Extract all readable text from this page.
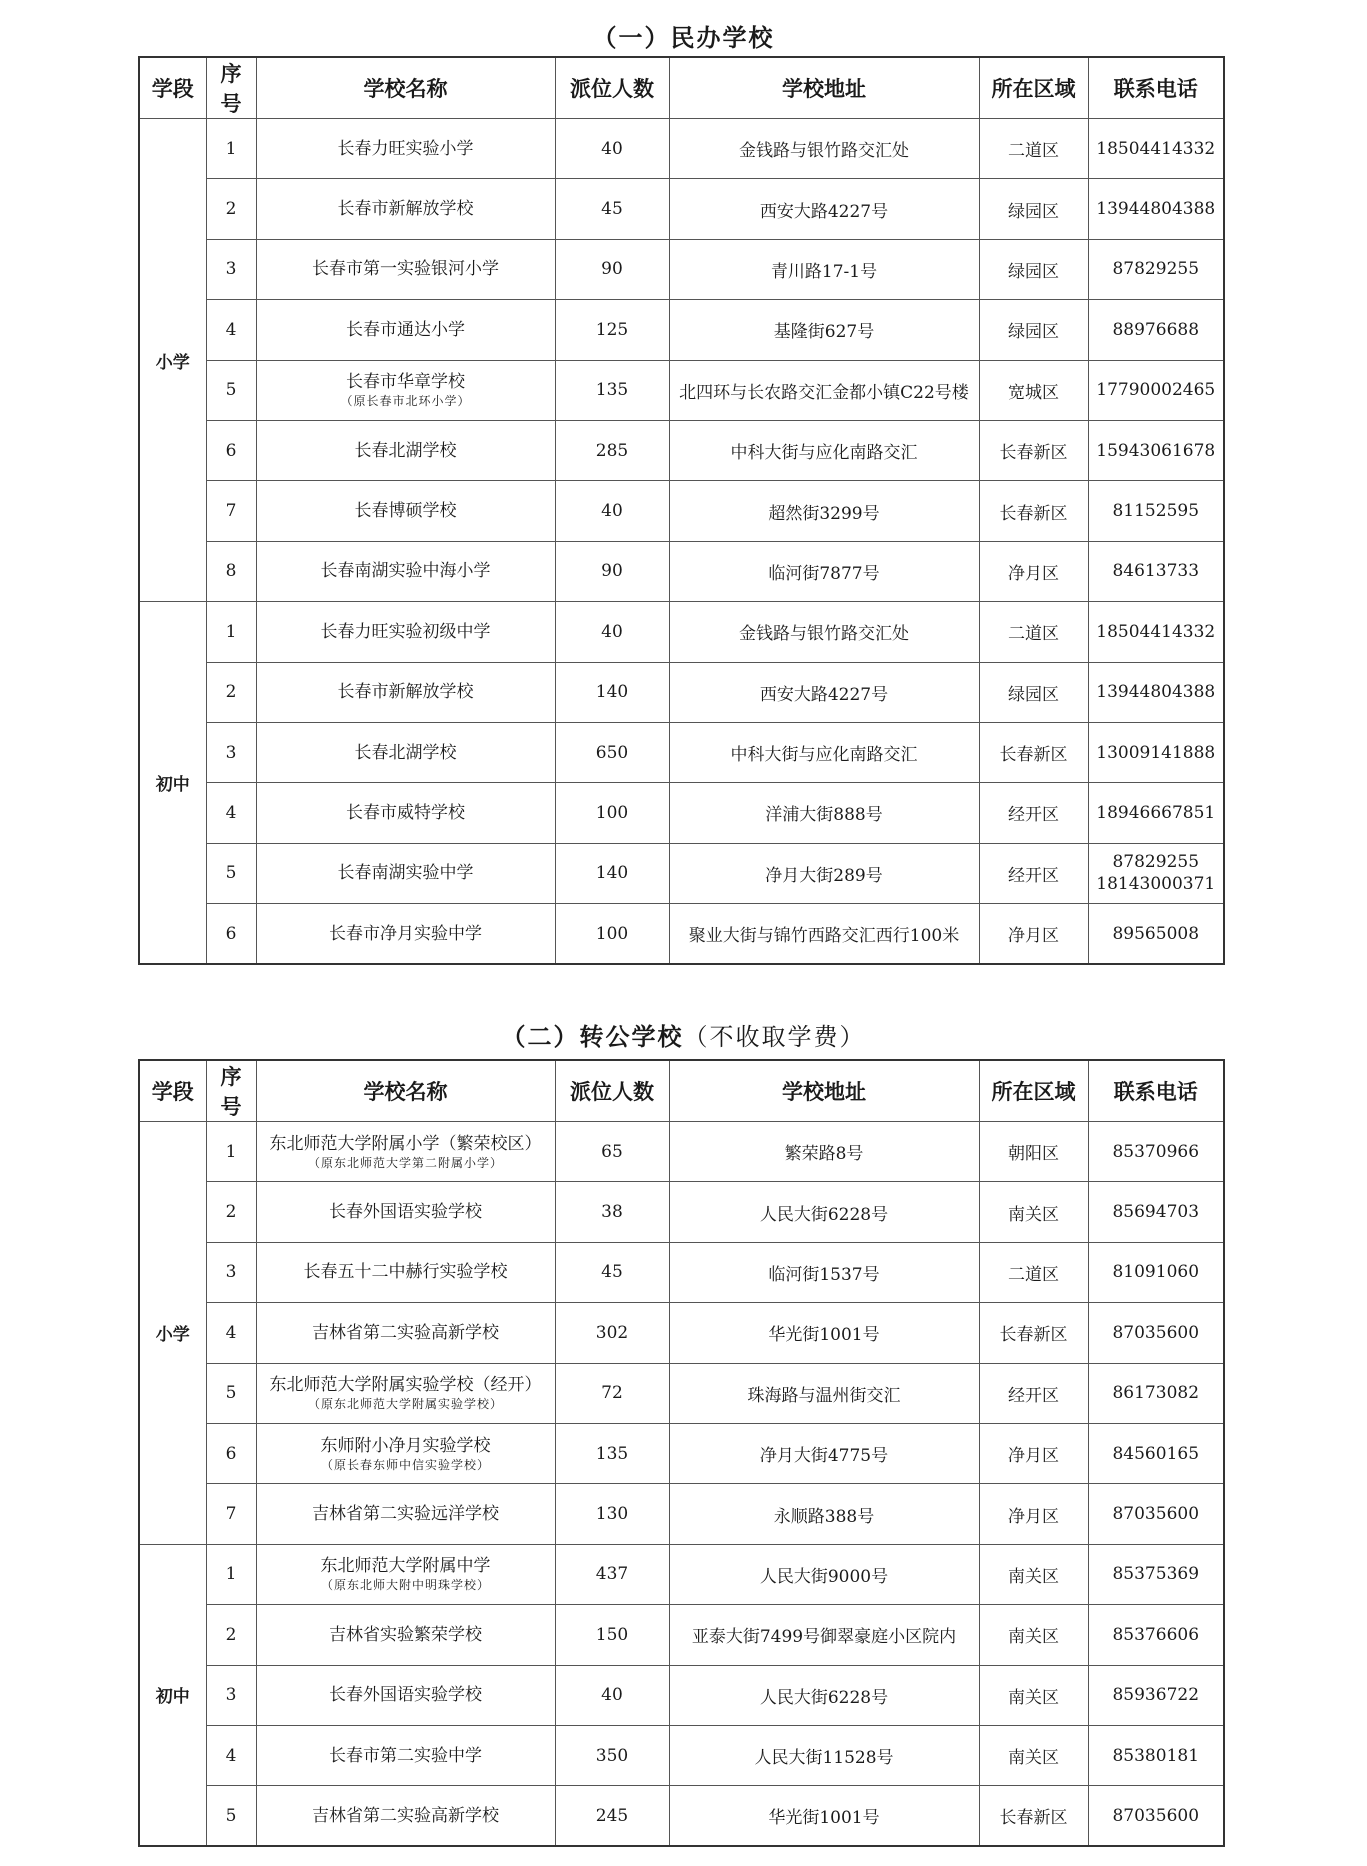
（一）民办学校
学段	序号	学校名称	派位人数	学校地址	所在区域	联系电话
小学	1	长春力旺实验小学	40	金钱路与银竹路交汇处	二道区	18504414332

	2	长春市新解放学校	45	西安大路4227号	绿园区	13944804388

	3	长春市第一实验银河小学	90	青川路17-1号	绿园区	87829255

	4	长春市通达小学	125	基隆街627号	绿园区	88976688

	5	长春市华章学校
（原长春市北环小学）	135	北四环与长农路交汇金都小镇C22号楼	宽城区	17790002465

	6	长春北湖学校	285	中科大街与应化南路交汇	长春新区	15943061678

	7	长春博硕学校	40	超然街3299号	长春新区	81152595

	8	长春南湖实验中海小学	90	临河街7877号	净月区	84613733

初中	1	长春力旺实验初级中学	40	金钱路与银竹路交汇处	二道区	18504414332

	2	长春市新解放学校	140	西安大路4227号	绿园区	13944804388

	3	长春北湖学校	650	中科大街与应化南路交汇	长春新区	13009141888

	4	长春市威特学校	100	洋浦大街888号	经开区	18946667851

	5	长春南湖实验中学	140	净月大街289号	经开区	87829255
18143000371

	6	长春市净月实验中学	100	聚业大街与锦竹西路交汇西行100米	净月区	89565008
（二）转公学校（不收取学费）
学段	序号	学校名称	派位人数	学校地址	所在区域	联系电话
小学	1	东北师范大学附属小学（繁荣校区）
（原东北师范大学第二附属小学）	65	繁荣路8号	朝阳区	85370966

	2	长春外国语实验学校	38	人民大街6228号	南关区	85694703

	3	长春五十二中赫行实验学校	45	临河街1537号	二道区	81091060

	4	吉林省第二实验高新学校	302	华光街1001号	长春新区	87035600

	5	东北师范大学附属实验学校（经开）
（原东北师范大学附属实验学校）	72	珠海路与温州街交汇	经开区	86173082

	6	东师附小净月实验学校
（原长春东师中信实验学校）	135	净月大街4775号	净月区	84560165

	7	吉林省第二实验远洋学校	130	永顺路388号	净月区	87035600

初中	1	东北师范大学附属中学
（原东北师大附中明珠学校）	437	人民大街9000号	南关区	85375369

	2	吉林省实验繁荣学校	150	亚泰大街7499号御翠豪庭小区院内	南关区	85376606

	3	长春外国语实验学校	40	人民大街6228号	南关区	85936722

	4	长春市第二实验中学	350	人民大街11528号	南关区	85380181

	5	吉林省第二实验高新学校	245	华光街1001号	长春新区	87035600
